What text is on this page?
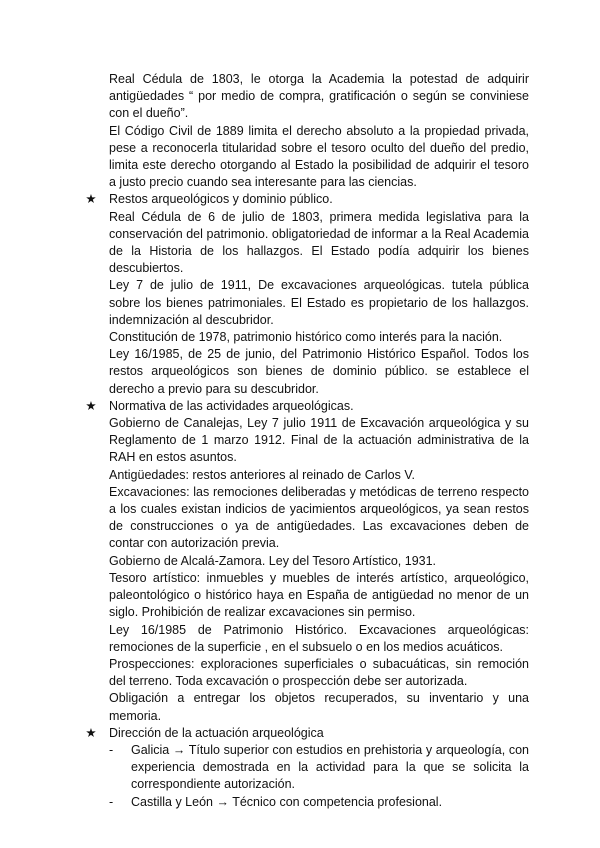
Real Cédula de 1803, le otorga la Academia la potestad de adquirir antigüedades “ por medio de compra, gratificación o según se conviniese con el dueño”.

El Código Civil de 1889 limita el derecho absoluto a la propiedad privada, pese a reconocerla titularidad sobre el tesoro oculto del dueño del predio, limita este derecho otorgando al Estado la posibilidad de adquirir el tesoro a justo precio cuando sea interesante para las ciencias.

★ Restos arqueológicos y dominio público.

Real Cédula de 6 de julio de 1803, primera medida legislativa para la conservación del patrimonio. obligatoriedad de informar a la Real Academia de la Historia de los hallazgos. El Estado podía adquirir los bienes descubiertos.

Ley 7 de julio de 1911, De excavaciones arqueológicas. tutela pública sobre los bienes patrimoniales. El Estado es propietario de los hallazgos. indemnización al descubridor.

Constitución de 1978, patrimonio histórico como interés para la nación.

Ley 16/1985, de 25 de junio, del Patrimonio Histórico Español. Todos los restos arqueológicos son bienes de dominio público. se establece el derecho a previo para su descubridor.

★ Normativa de las actividades arqueológicas.

Gobierno de Canalejas, Ley 7 julio 1911 de Excavación arqueológica y su Reglamento de 1 marzo 1912. Final de la actuación administrativa de la RAH en estos asuntos.

Antigüedades: restos anteriores al reinado de Carlos V.

Excavaciones: las remociones deliberadas y metódicas de terreno respecto a los cuales existan indicios de yacimientos arqueológicos, ya sean restos de construcciones o ya de antigüedades. Las excavaciones deben de contar con autorización previa.

Gobierno de Alcalá-Zamora. Ley del Tesoro Artístico, 1931.

Tesoro artístico: inmuebles y muebles de interés artístico, arqueológico, paleontológico o histórico haya en España de antigüedad no menor de un siglo. Prohibición de realizar excavaciones sin permiso.

Ley 16/1985 de Patrimonio Histórico. Excavaciones arqueológicas: remociones de la superficie , en el subsuelo o en los medios acuáticos.

Prospecciones: exploraciones superficiales o subacuáticas, sin remoción del terreno. Toda excavación o prospección debe ser autorizada.

Obligación a entregar los objetos recuperados, su inventario y una memoria.

★ Dirección de la actuación arqueológica
- Galicia → Título superior con estudios en prehistoria y arqueología, con experiencia demostrada en la actividad para la que se solicita la correspondiente autorización.
- Castilla y León → Técnico con competencia profesional.
